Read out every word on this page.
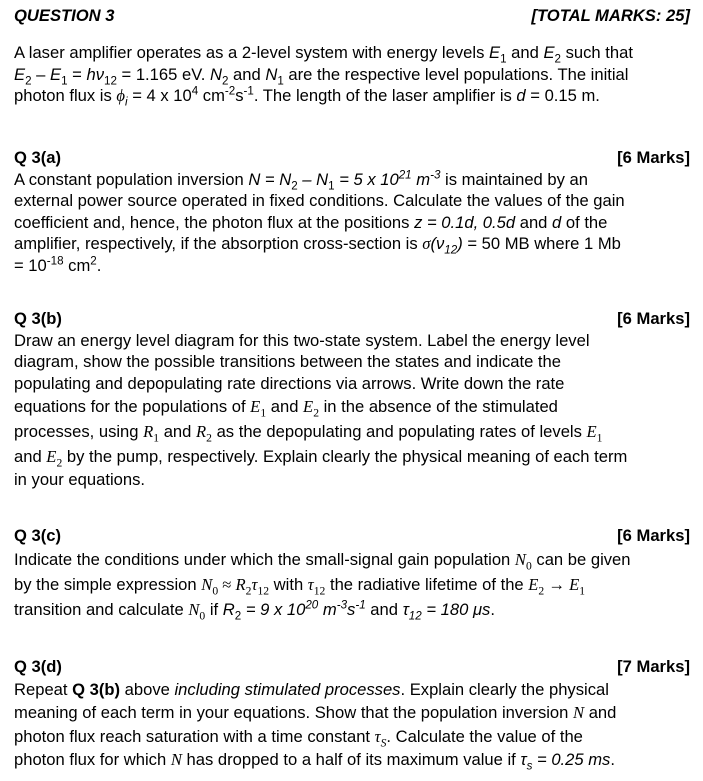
QUESTION 3	[TOTAL MARKS: 25]

A laser amplifier operates as a 2-level system with energy levels $E_1$ and $E_2$ such that

$E_2 - E_1 = h\nu_{12} = 1.165$ eV. $N_2$ and $N_1$ are the respective level populations. The initial

photon flux is $\phi_i = 4$ x $10^4$ $cm^{-2}s^{-1}$. The length of the laser amplifier is d = 0.15 m.

Q 3(a)	[6 Marks]

A constant population inversion $N = N_2 - N_1 = 5$ x $10^{21}$ $m^{-3}$ is maintained by an

external power source operated in fixed conditions. Calculate the values of the gain

coefficient and, hence, the photon flux at the positions z = 0.1d, 0.5d and d of the

amplifier, respectively, if the absorption cross-section is $\sigma(\nu_{12}) = 50$ MB where 1 Mb

= $10^{-18}$ $cm^2$.

Q 3(b)	[6 Marks]

Draw an energy level diagram for this two-state system. Label the energy level

diagram, show the possible transitions between the states and indicate the

populating and depopulating rate directions via arrows. Write down the rate

equations for the populations of $E_1$ and $E_2$ in the absence of the stimulated

processes, using $R_1$ and $R_2$ as the depopulating and populating rates of levels $E_1$

and $E_2$ by the pump, respectively. Explain clearly the physical meaning of each term

in your equations.

Q 3(c)	[6 Marks]

Indicate the conditions under which the small-signal gain population $N_0$ can be given

by the simple expression $N_0 \approx R_2\tau_{12}$ with $\tau_{12}$ the radiative lifetime of the $E_2 \to E_1$

transition and calculate $N_0$ if $R_2 = 9$ x $10^{20}$ $m^{-3}s^{-1}$ and $\tau_{12} = 180$ μs.

Q 3(d)	[7 Marks]

Repeat Q 3(b) above including stimulated processes. Explain clearly the physical

meaning of each term in your equations. Show that the population inversion N and

photon flux reach saturation with a time constant $\tau_S$. Calculate the value of the

photon flux for which N has dropped to a half of its maximum value if $\tau_s = 0.25$ ms.
